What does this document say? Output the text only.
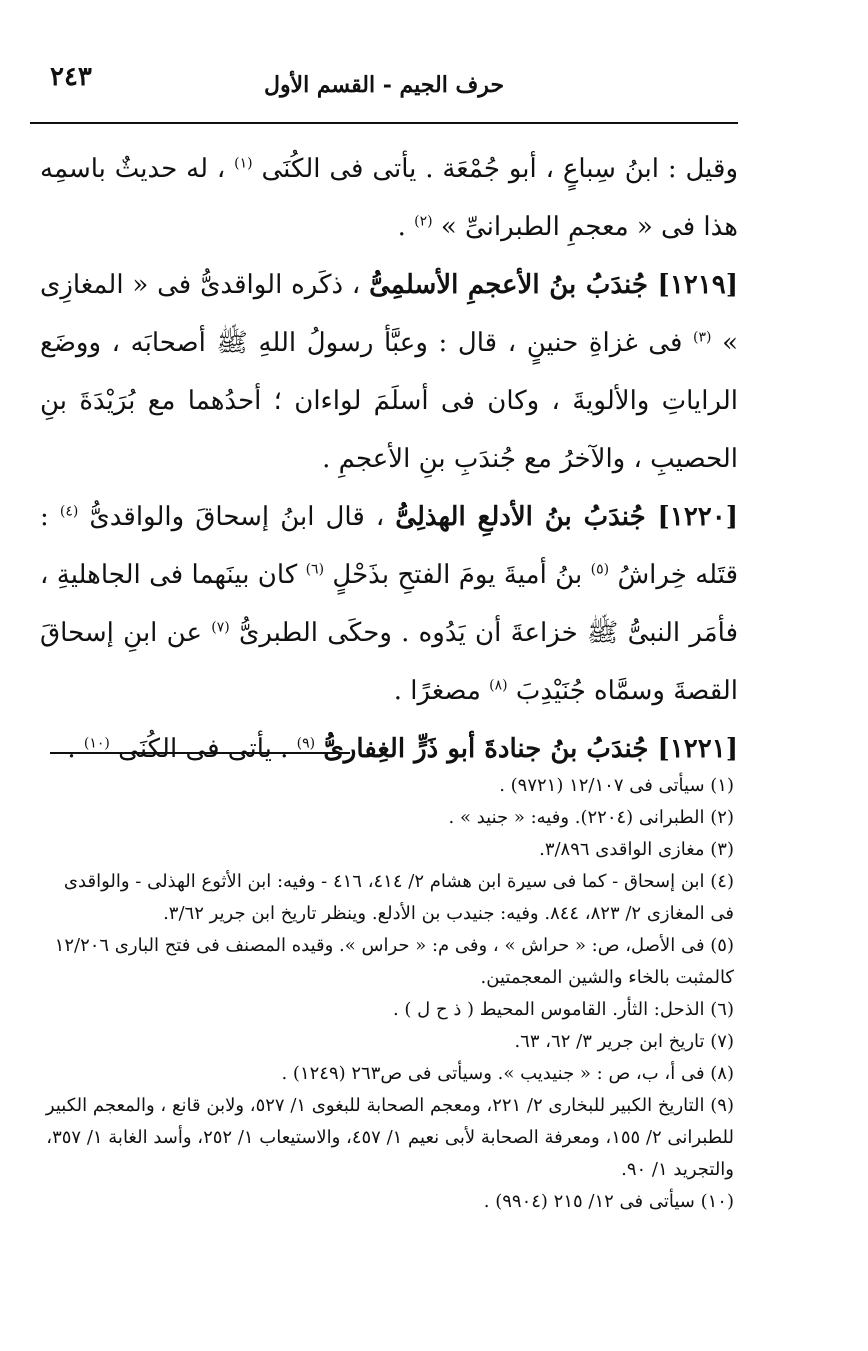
٢٤٣	حرف الجيم - القسم الأول

وقيل : ابنُ سِباعٍ ، أبو جُمْعَة . يأتى فى الكُنَى $^{(١)}$ ، له حديثٌ باسمِه هذا فى « معجمِ الطبرانىِّ » $^{(٢)}$ .

[١٢١٩] جُندَبُ بنُ الأعجمِ الأسلمِىُّ ، ذكَره الواقدىُّ فى « المغازِى » $^{(٣)}$ فى غزاةِ حنينٍ ، قال : وعبَّأ رسولُ اللهِ ﷺ أصحابَه ، ووضَع الراياتِ والألويةَ ، وكان فى أسلَمَ لواءان ؛ أحدُهما مع بُرَيْدَةَ بنِ الحصيبِ ، والآخرُ مع جُندَبِ بنِ الأعجمِ .

[١٢٢٠] جُندَبُ بنُ الأدلعِ الهذلِىُّ ، قال ابنُ إسحاقَ والواقدىُّ $^{(٤)}$ : قتَله خِراشُ $^{(٥)}$ بنُ أميةَ يومَ الفتحِ بذَحْلٍ $^{(٦)}$ كان بينَهما فى الجاهليةِ ، فأمَر النبىُّ ﷺ خزاعةَ أن يَدُوه . وحكَى الطبرىُّ $^{(٧)}$ عن ابنِ إسحاقَ القصةَ وسمَّاه جُنَيْدِبَ $^{(٨)}$ مصغرًا .

[١٢٢١] جُندَبُ بنُ جنادةَ أبو ذَرٍّ الغِفارىُّ $^{(٩)}$ . يأتى فى الكُنَى $^{(١٠)}$ .

(١) سيأتى فى ١٢/١٠٧ (٩٧٢١) .

(٢) الطبرانى (٢٢٠٤). وفيه: « جنيد » .

(٣) مغازى الواقدى ٣/٨٩٦.

(٤) ابن إسحاق - كما فى سيرة ابن هشام ٢/ ٤١٤، ٤١٦ - وفيه: ابن الأثوع الهذلى - والواقدى فى المغازى ٢/ ٨٢٣، ٨٤٤. وفيه: جنيدب بن الأدلع. وينظر تاريخ ابن جرير ٣/٦٢.

(٥) فى الأصل، ص: « حراش » ، وفى م: « حراس ». وقيده المصنف فى فتح البارى ١٢/٢٠٦ كالمثبت بالخاء والشين المعجمتين.

(٦) الذحل: الثأر. القاموس المحيط ( ذ ح ل ) .

(٧) تاريخ ابن جرير ٣/ ٦٢، ٦٣.

(٨) فى أ، ب، ص : « جنيديب ». وسيأتى فى ص٢٦٣ (١٢٤٩) .

(٩) التاريخ الكبير للبخارى ٢/ ٢٢١، ومعجم الصحابة للبغوى ١/ ٥٢٧، ولابن قانع ، والمعجم الكبير للطبرانى ٢/ ١٥٥، ومعرفة الصحابة لأبى نعيم ١/ ٤٥٧، والاستيعاب ١/ ٢٥٢، وأسد الغابة ١/ ٣٥٧، والتجريد ١/ ٩٠.

(١٠) سيأتى فى ١٢/ ٢١٥ (٩٩٠٤) .
